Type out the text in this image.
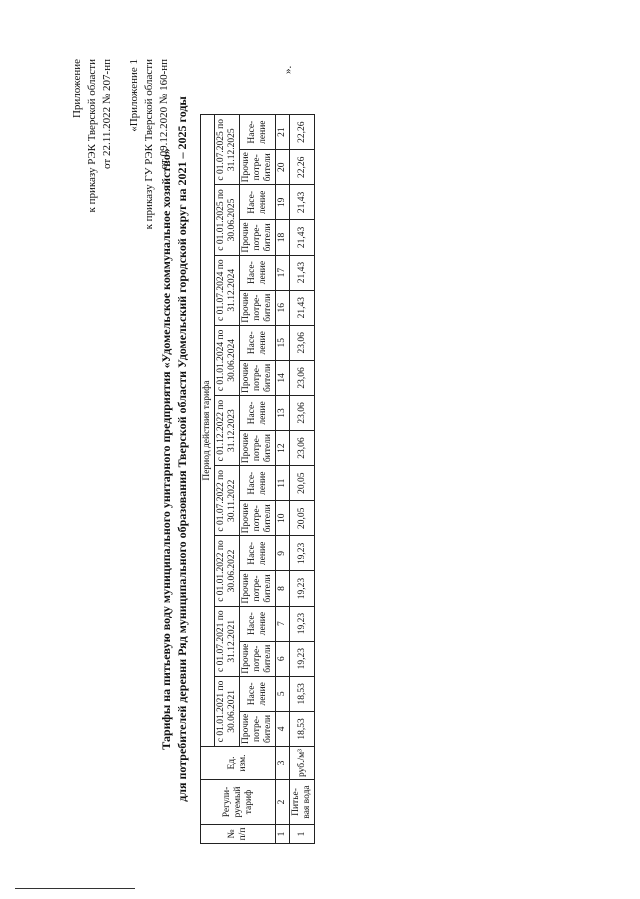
Приложение к приказу РЭК Тверской области от 22.11.2022 № 207-нп «Приложение 1 к приказу ГУ РЭК Тверской области от 09.12.2020 № 160-нп
Тарифы на питьевую воду муниципального унитарного предприятия «Удомельское коммунальное хозяйство» для потребителей деревни Ряд муниципального образования Тверской области Удомельский городской округ на 2021 – 2025 годы
№ п/п	Регули-руемый тариф	Ед. изм.	Период действия тарифа																	
			с 01.01.2021 по 30.06.2021		с 01.07.2021 по 31.12.2021		с 01.01.2022 по 30.06.2022		с 01.07.2022 по 30.11.2022		с 01.12.2022 по 31.12.2023		с 01.01.2024 по 30.06.2024		с 01.07.2024 по 31.12.2024		с 01.01.2025 по 30.06.2025		с 01.07.2025 по 31.12.2025	
			Прочие потре-бители	Насе-ление	Прочие потре-бители	Насе-ление	Прочие потре-бители	Насе-ление	Прочие потре-бители	Насе-ление	Прочие потре-бители	Насе-ление	Прочие потре-бители	Насе-ление	Прочие потре-бители	Насе-ление	Прочие потре-бители	Насе-ление	Прочие потре-бители	Насе-ление
1	2	3	4	5	6	7	8	9	10	11	12	13	14	15	16	17	18	19	20	21
1	Питье-вая вода	руб./м³	18,53	18,53	19,23	19,23	19,23	19,23	20,05	20,05	23,06	23,06	23,06	23,06	21,43	21,43	21,43	21,43	22,26	22,26
».
